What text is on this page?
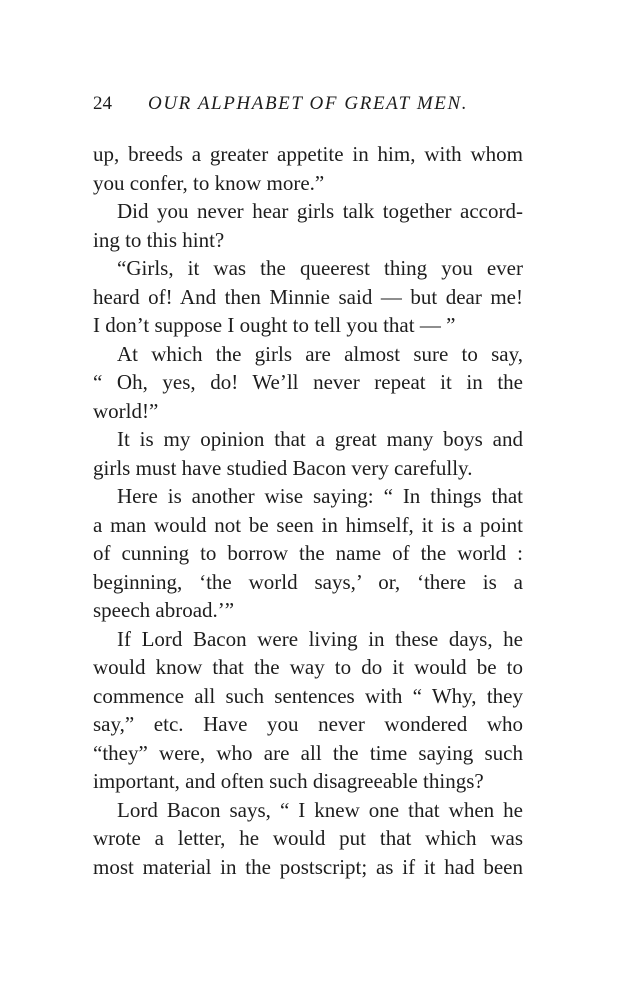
24 OUR ALPHABET OF GREAT MEN.
up, breeds a greater appetite in him, with whom
you confer, to know more.”
Did you never hear girls talk together accord-
ing to this hint?
“Girls, it was the queerest thing you ever
heard of! And then Minnie said — but dear me!
I don’t suppose I ought to tell you that — ”
At which the girls are almost sure to say,
“ Oh, yes, do! We’ll never repeat it in the
world!”
It is my opinion that a great many boys and
girls must have studied Bacon very carefully.
Here is another wise saying: “ In things that
a man would not be seen in himself, it is a point
of cunning to borrow the name of the world :
beginning, ‘the world says,’ or, ‘there is a
speech abroad.’”
If Lord Bacon were living in these days, he
would know that the way to do it would be to
commence all such sentences with “ Why, they
say,” etc. Have you never wondered who
“they” were, who are all the time saying such
important, and often such disagreeable things?
Lord Bacon says, “ I knew one that when he
wrote a letter, he would put that which was
most material in the postscript; as if it had been
